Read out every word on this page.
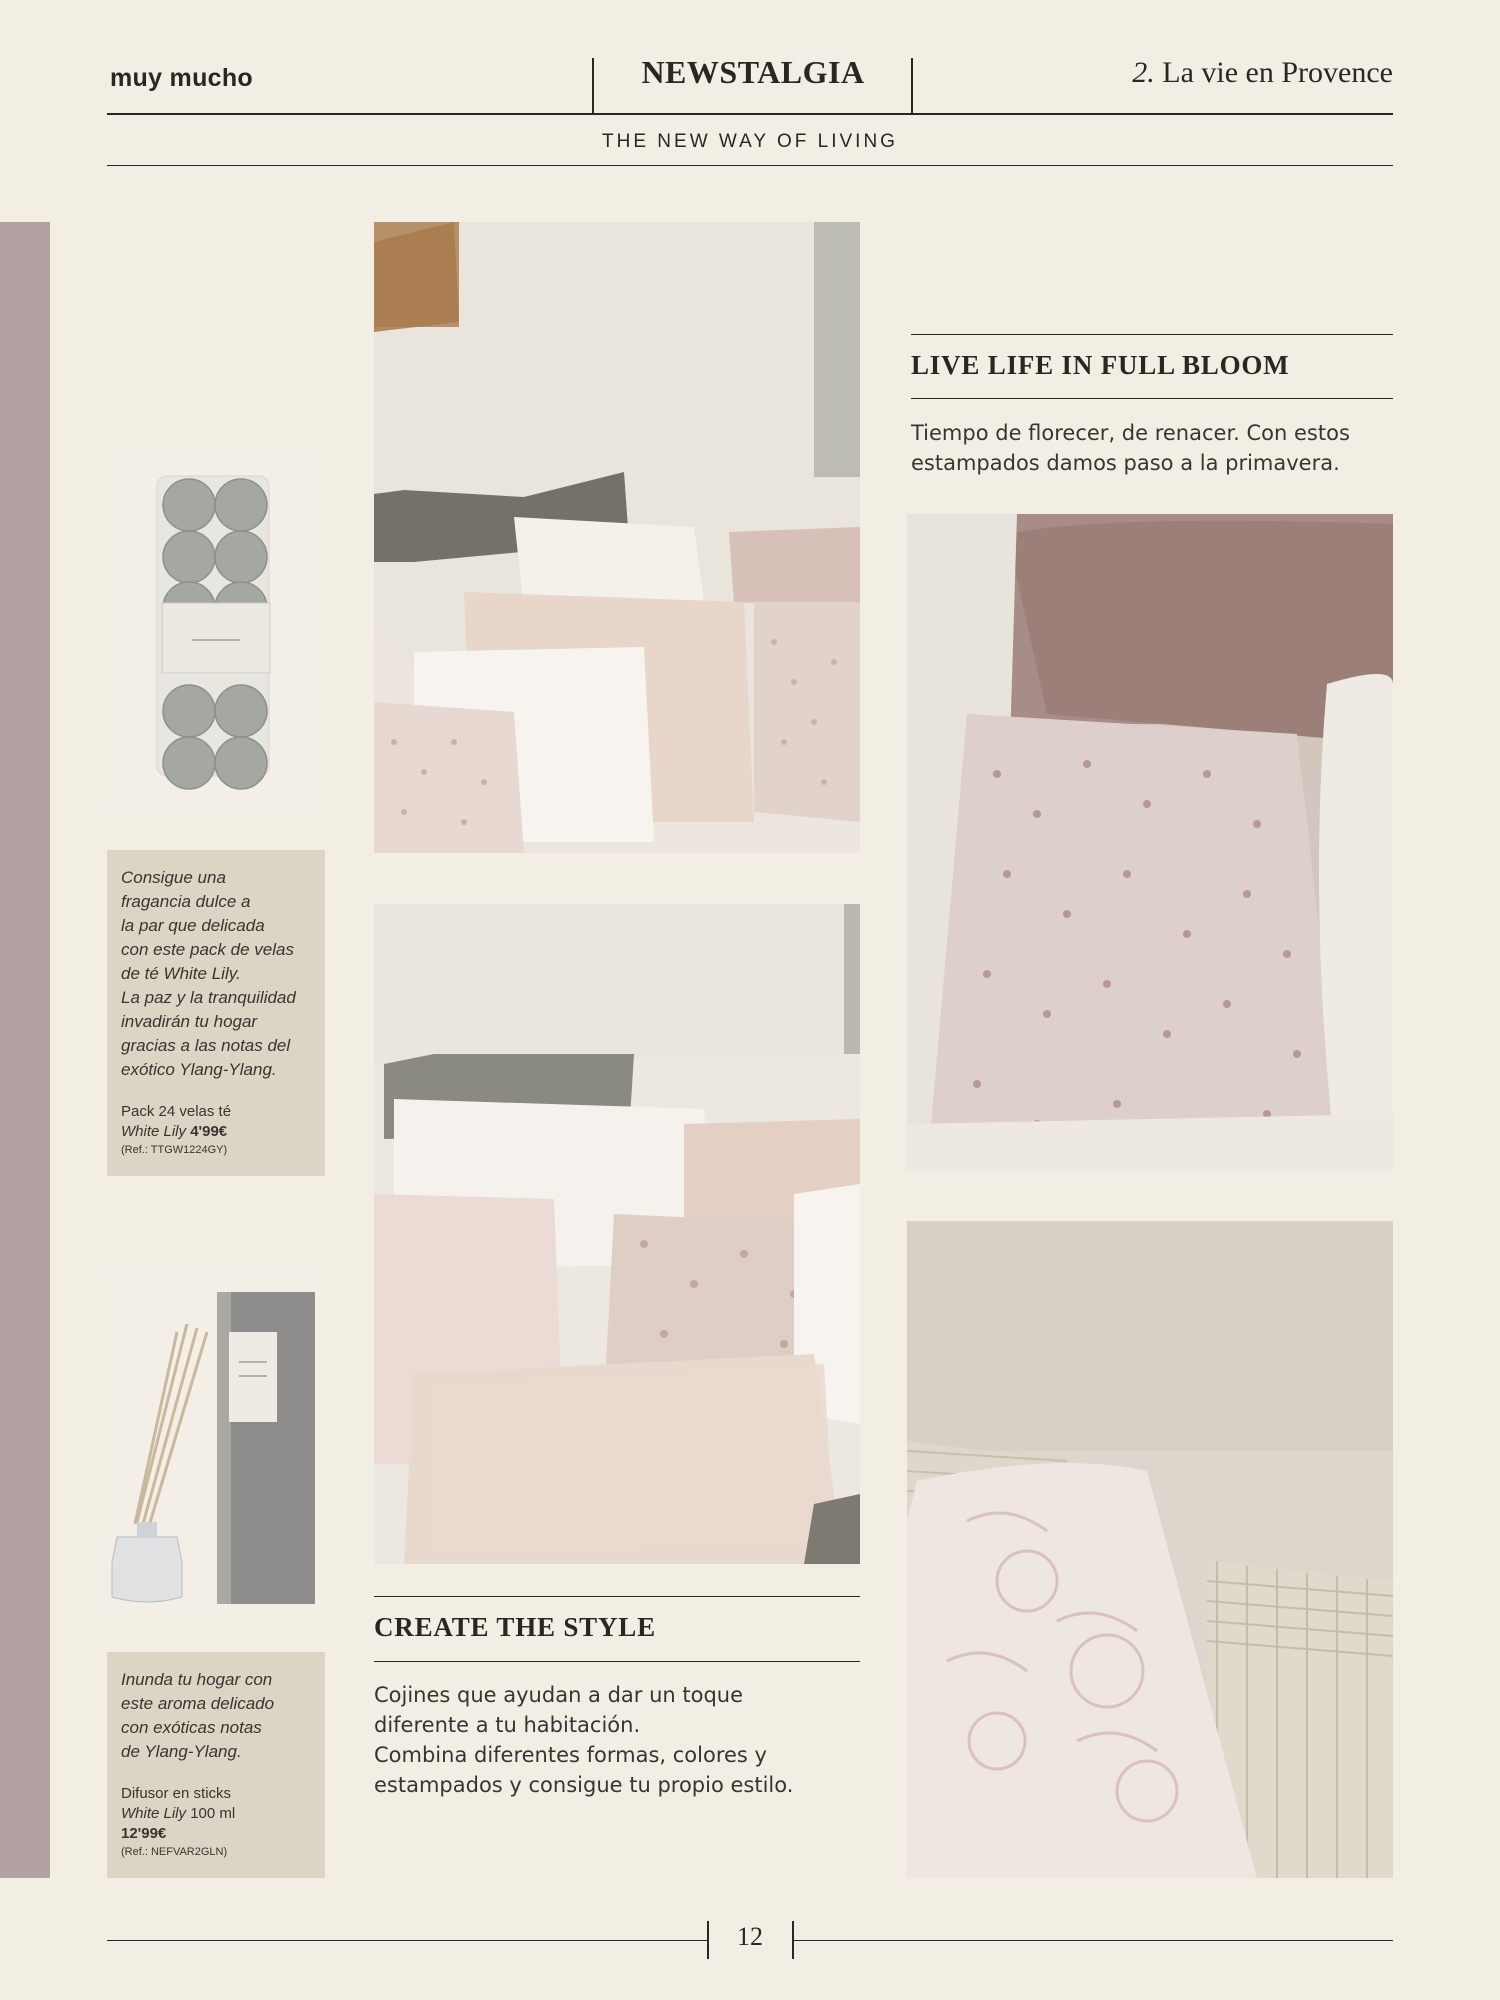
muy mucho	NEWSTALGIA	2. La vie en Provence
THE NEW WAY OF LIVING
Consigue una
fragancia dulce a
la par que delicada
con este pack de velas
de té White Lily.
La paz y la tranquilidad
invadirán tu hogar
gracias a las notas del
exótico Ylang-Ylang.
Pack 24 velas té
White Lily 4'99€
(Ref.: TTGW1224GY)
Inunda tu hogar con
este aroma delicado
con exóticas notas
de Ylang-Ylang.
Difusor en sticks
White Lily 100 ml
12'99€
(Ref.: NEFVAR2GLN)
LIVE LIFE IN FULL BLOOM
Tiempo de florecer, de renacer. Con estos
estampados damos paso a la primavera.
CREATE THE STYLE
Cojines que ayudan a dar un toque
diferente a tu habitación.
Combina diferentes formas, colores y
estampados y consigue tu propio estilo.
12
